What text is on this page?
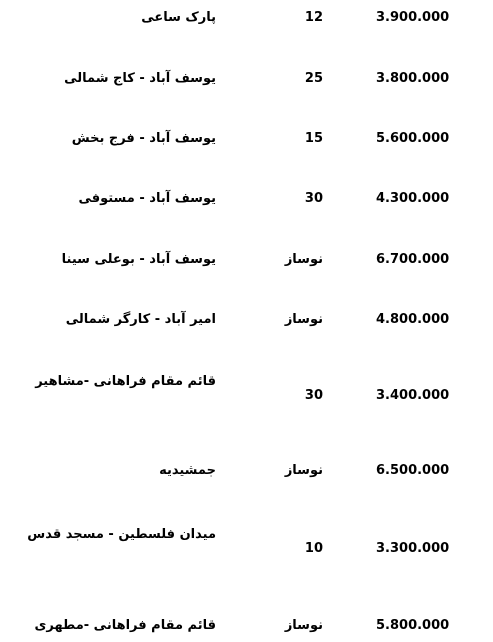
3.900.000
12
پارک ساعی
3.800.000
25
یوسف آباد - کاج شمالی
5.600.000
15
یوسف آباد - فرج بخش
4.300.000
30
یوسف آباد - مستوفی
6.700.000
نوساز
یوسف آباد - بوعلی سینا
4.800.000
نوساز
امیر آباد - کارگر شمالی
3.400.000
30
قائم مقام فراهانی -مشاهیر
6.500.000
نوساز
جمشیدیه
3.300.000
10
میدان فلسطین - مسجد قدس
5.800.000
نوساز
قائم مقام فراهانی -مطهری
